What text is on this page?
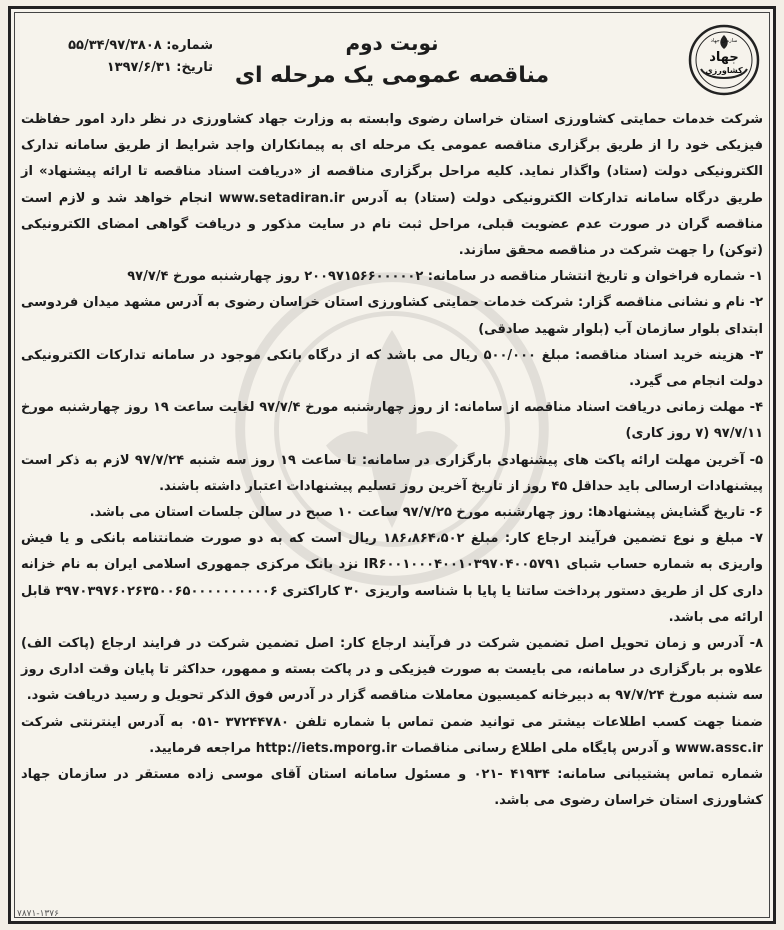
جهاد
کشاورزی
سازمان جهاد
نوبت دوم
مناقصه عمومی یک مرحله ای
شماره: ۵۵/۳۴/۹۷/۳۸۰۸
تاریخ: ۱۳۹۷/۶/۳۱

شرکت خدمات حمایتی کشاورزی استان خراسان رضوی وابسته به وزارت جهاد کشاورزی در نظر دارد امور حفاظت فیزیکی خود را از طریق برگزاری مناقصه عمومی یک مرحله ای به پیمانکاران واجد شرایط از طریق سامانه تدارک الکترونیکی دولت (ستاد) واگذار نماید. کلیه مراحل برگزاری مناقصه از «دریافت اسناد مناقصه تا ارائه پیشنهاد» از طریق درگاه سامانه تدارکات الکترونیکی دولت (ستاد) به آدرس www.setadiran.ir انجام خواهد شد و لازم است مناقصه گران در صورت عدم عضویت قبلی، مراحل ثبت نام در سایت مذکور و دریافت گواهی امضای الکترونیکی (توکن) را جهت شرکت در مناقصه محقق سازند.

۱- شماره فراخوان و تاریخ انتشار مناقصه در سامانه: ۲۰۰۹۷۱۵۶۶۰۰۰۰۰۲ روز چهارشنبه مورخ ۹۷/۷/۴

۲- نام و نشانی مناقصه گزار: شرکت خدمات حمایتی کشاورزی استان خراسان رضوی به آدرس مشهد میدان فردوسی ابتدای بلوار سازمان آب (بلوار شهید صادقی)

۳- هزینه خرید اسناد مناقصه: مبلغ ۵۰۰/۰۰۰ ریال می باشد که از درگاه بانکی موجود در سامانه تدارکات الکترونیکی دولت انجام می گیرد.

۴- مهلت زمانی دریافت اسناد مناقصه از سامانه: از روز چهارشنبه مورخ ۹۷/۷/۴ لغایت ساعت ۱۹ روز چهارشنبه مورخ ۹۷/۷/۱۱ (۷ روز کاری)

۵- آخرین مهلت ارائه پاکت های پیشنهادی بارگزاری در سامانه: تا ساعت ۱۹ روز سه شنبه ۹۷/۷/۲۴ لازم به ذکر است پیشنهادات ارسالی باید حداقل ۴۵ روز از تاریخ آخرین روز تسلیم پیشنهادات اعتبار داشته باشند.

۶- تاریخ گشایش پیشنهادها: روز چهارشنبه مورخ ۹۷/۷/۲۵ ساعت ۱۰ صبح در سالن جلسات استان می باشد.

۷- مبلغ و نوع تضمین فرآیند ارجاع کار: مبلغ ۱۸۶،۸۶۴،۵۰۲ ریال است که به دو صورت ضمانتنامه بانکی و یا فیش واریزی به شماره حساب شبای IR۶۰۰۱۰۰۰۴۰۰۱۰۳۹۷۰۴۰۰۵۷۹۱ نزد بانک مرکزی جمهوری اسلامی ایران به نام خزانه داری کل از طریق دستور پرداخت ساتنا یا پایا با شناسه واریزی ۳۰ کاراکتری ۳۹۷۰۳۹۷۶۰۲۶۳۵۰۰۶۵۰۰۰۰۰۰۰۰۰۰۶ قابل ارائه می باشد.

۸- آدرس و زمان تحویل اصل تضمین شرکت در فرآیند ارجاع کار: اصل تضمین شرکت در فرایند ارجاع (پاکت الف) علاوه بر بارگزاری در سامانه، می بایست به صورت فیزیکی و در پاکت بسته و ممهور، حداکثر تا پایان وقت اداری روز سه شنبه مورخ ۹۷/۷/۲۴ به دبیرخانه کمیسیون معاملات مناقصه گزار در آدرس فوق الذکر تحویل و رسید دریافت شود.

ضمنا جهت کسب اطلاعات بیشتر می توانید ضمن تماس با شماره تلفن ۳۷۲۴۴۷۸۰ -۰۵۱ به آدرس اینترنتی شرکت www.assc.ir و آدرس پایگاه ملی اطلاع رسانی مناقصات http://iets.mporg.ir مراجعه فرمایید.

شماره تماس پشتیبانی سامانه: ۴۱۹۳۴ -۰۲۱ و مسئول سامانه استان آقای موسی زاده مستقر در سازمان جهاد کشاورزی استان خراسان رضوی می باشد.

۷۸۷۱-۱۳۷۶
